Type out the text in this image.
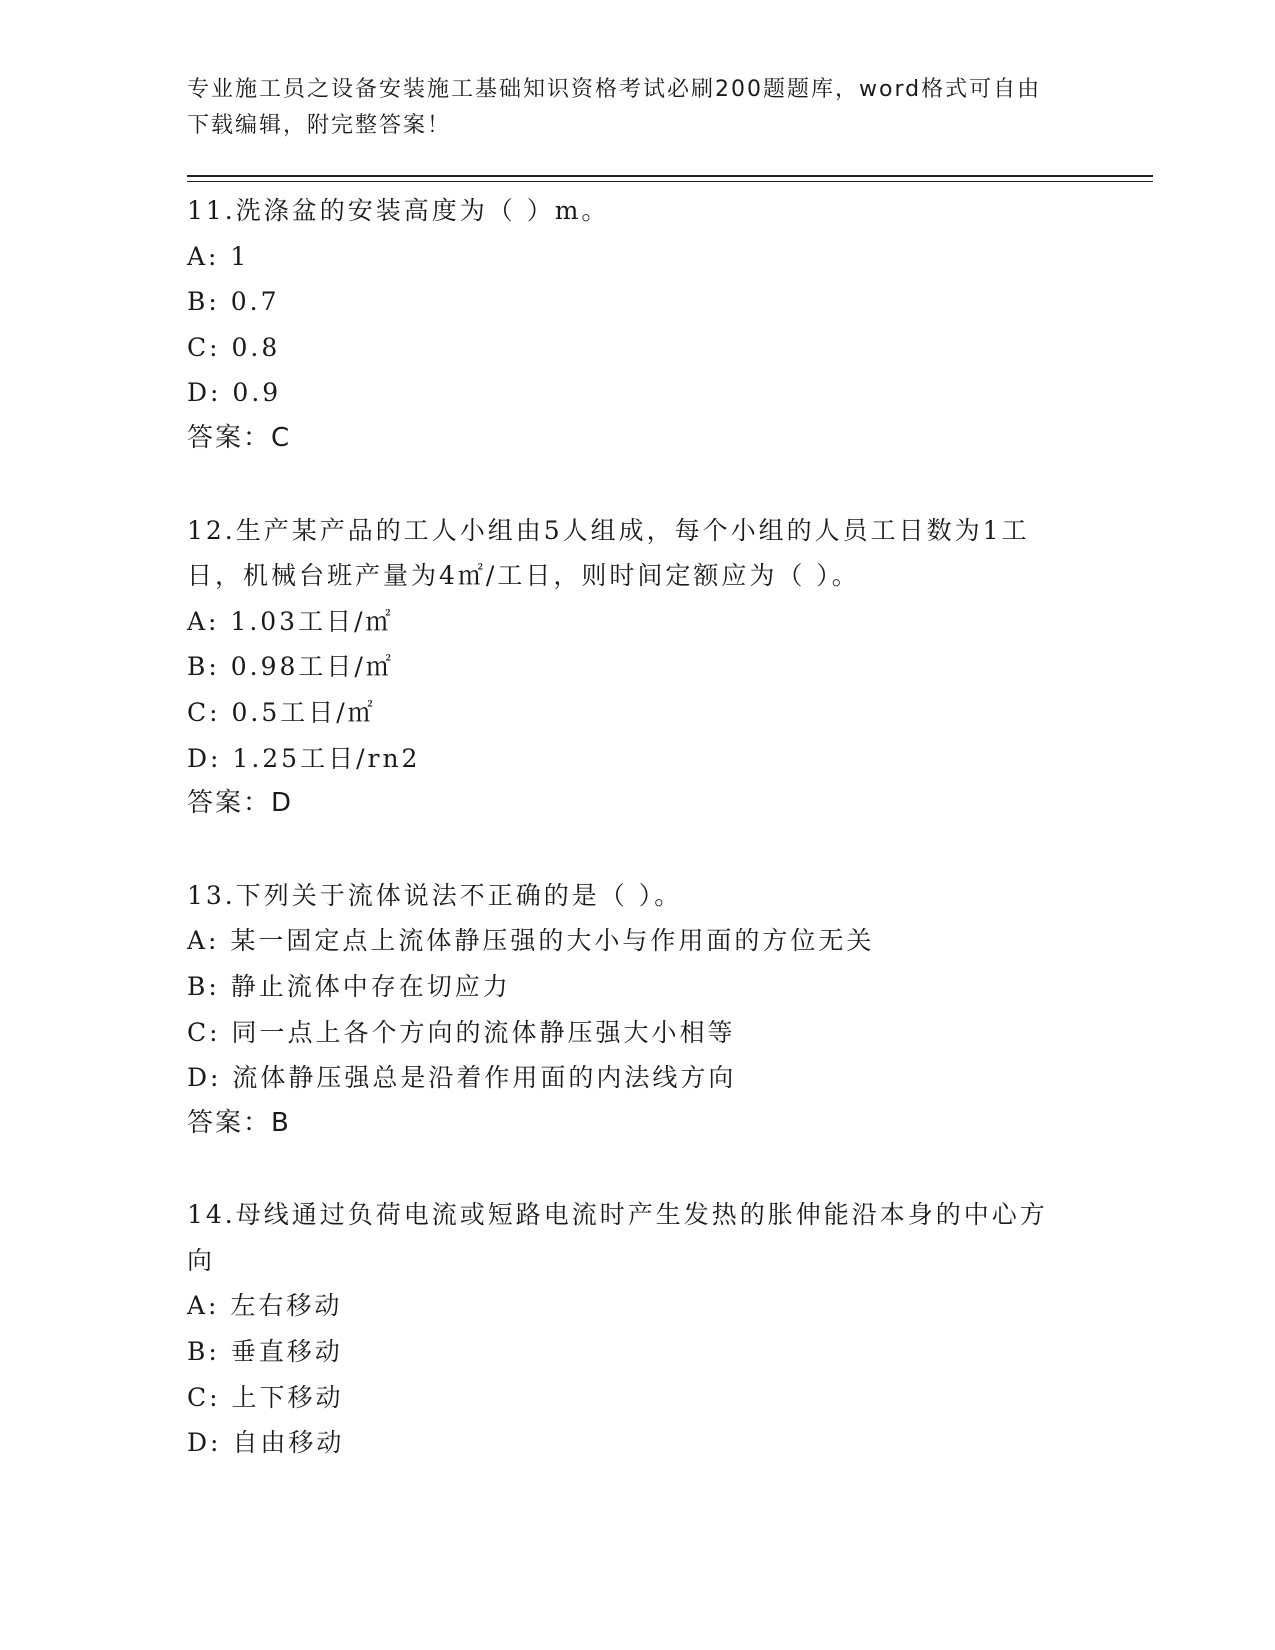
专业施工员之设备安装施工基础知识资格考试必刷200题题库，word格式可自由
下载编辑，附完整答案！
11.洗涤盆的安装高度为（ ）m。
A: 1
B: 0.7
C: 0.8
D: 0.9
答案：C
12.生产某产品的工人小组由5人组成，每个小组的人员工日数为1工
日，机械台班产量为4㎡/工日，则时间定额应为（ ）。
A: 1.03工日/㎡
B: 0.98工日/㎡
C: 0.5工日/㎡
D: 1.25工日/rn2
答案：D
13.下列关于流体说法不正确的是（ ）。
A: 某一固定点上流体静压强的大小与作用面的方位无关
B: 静止流体中存在切应力
C: 同一点上各个方向的流体静压强大小相等
D: 流体静压强总是沿着作用面的内法线方向
答案：B
14.母线通过负荷电流或短路电流时产生发热的胀伸能沿本身的中心方
向
A: 左右移动
B: 垂直移动
C: 上下移动
D: 自由移动
